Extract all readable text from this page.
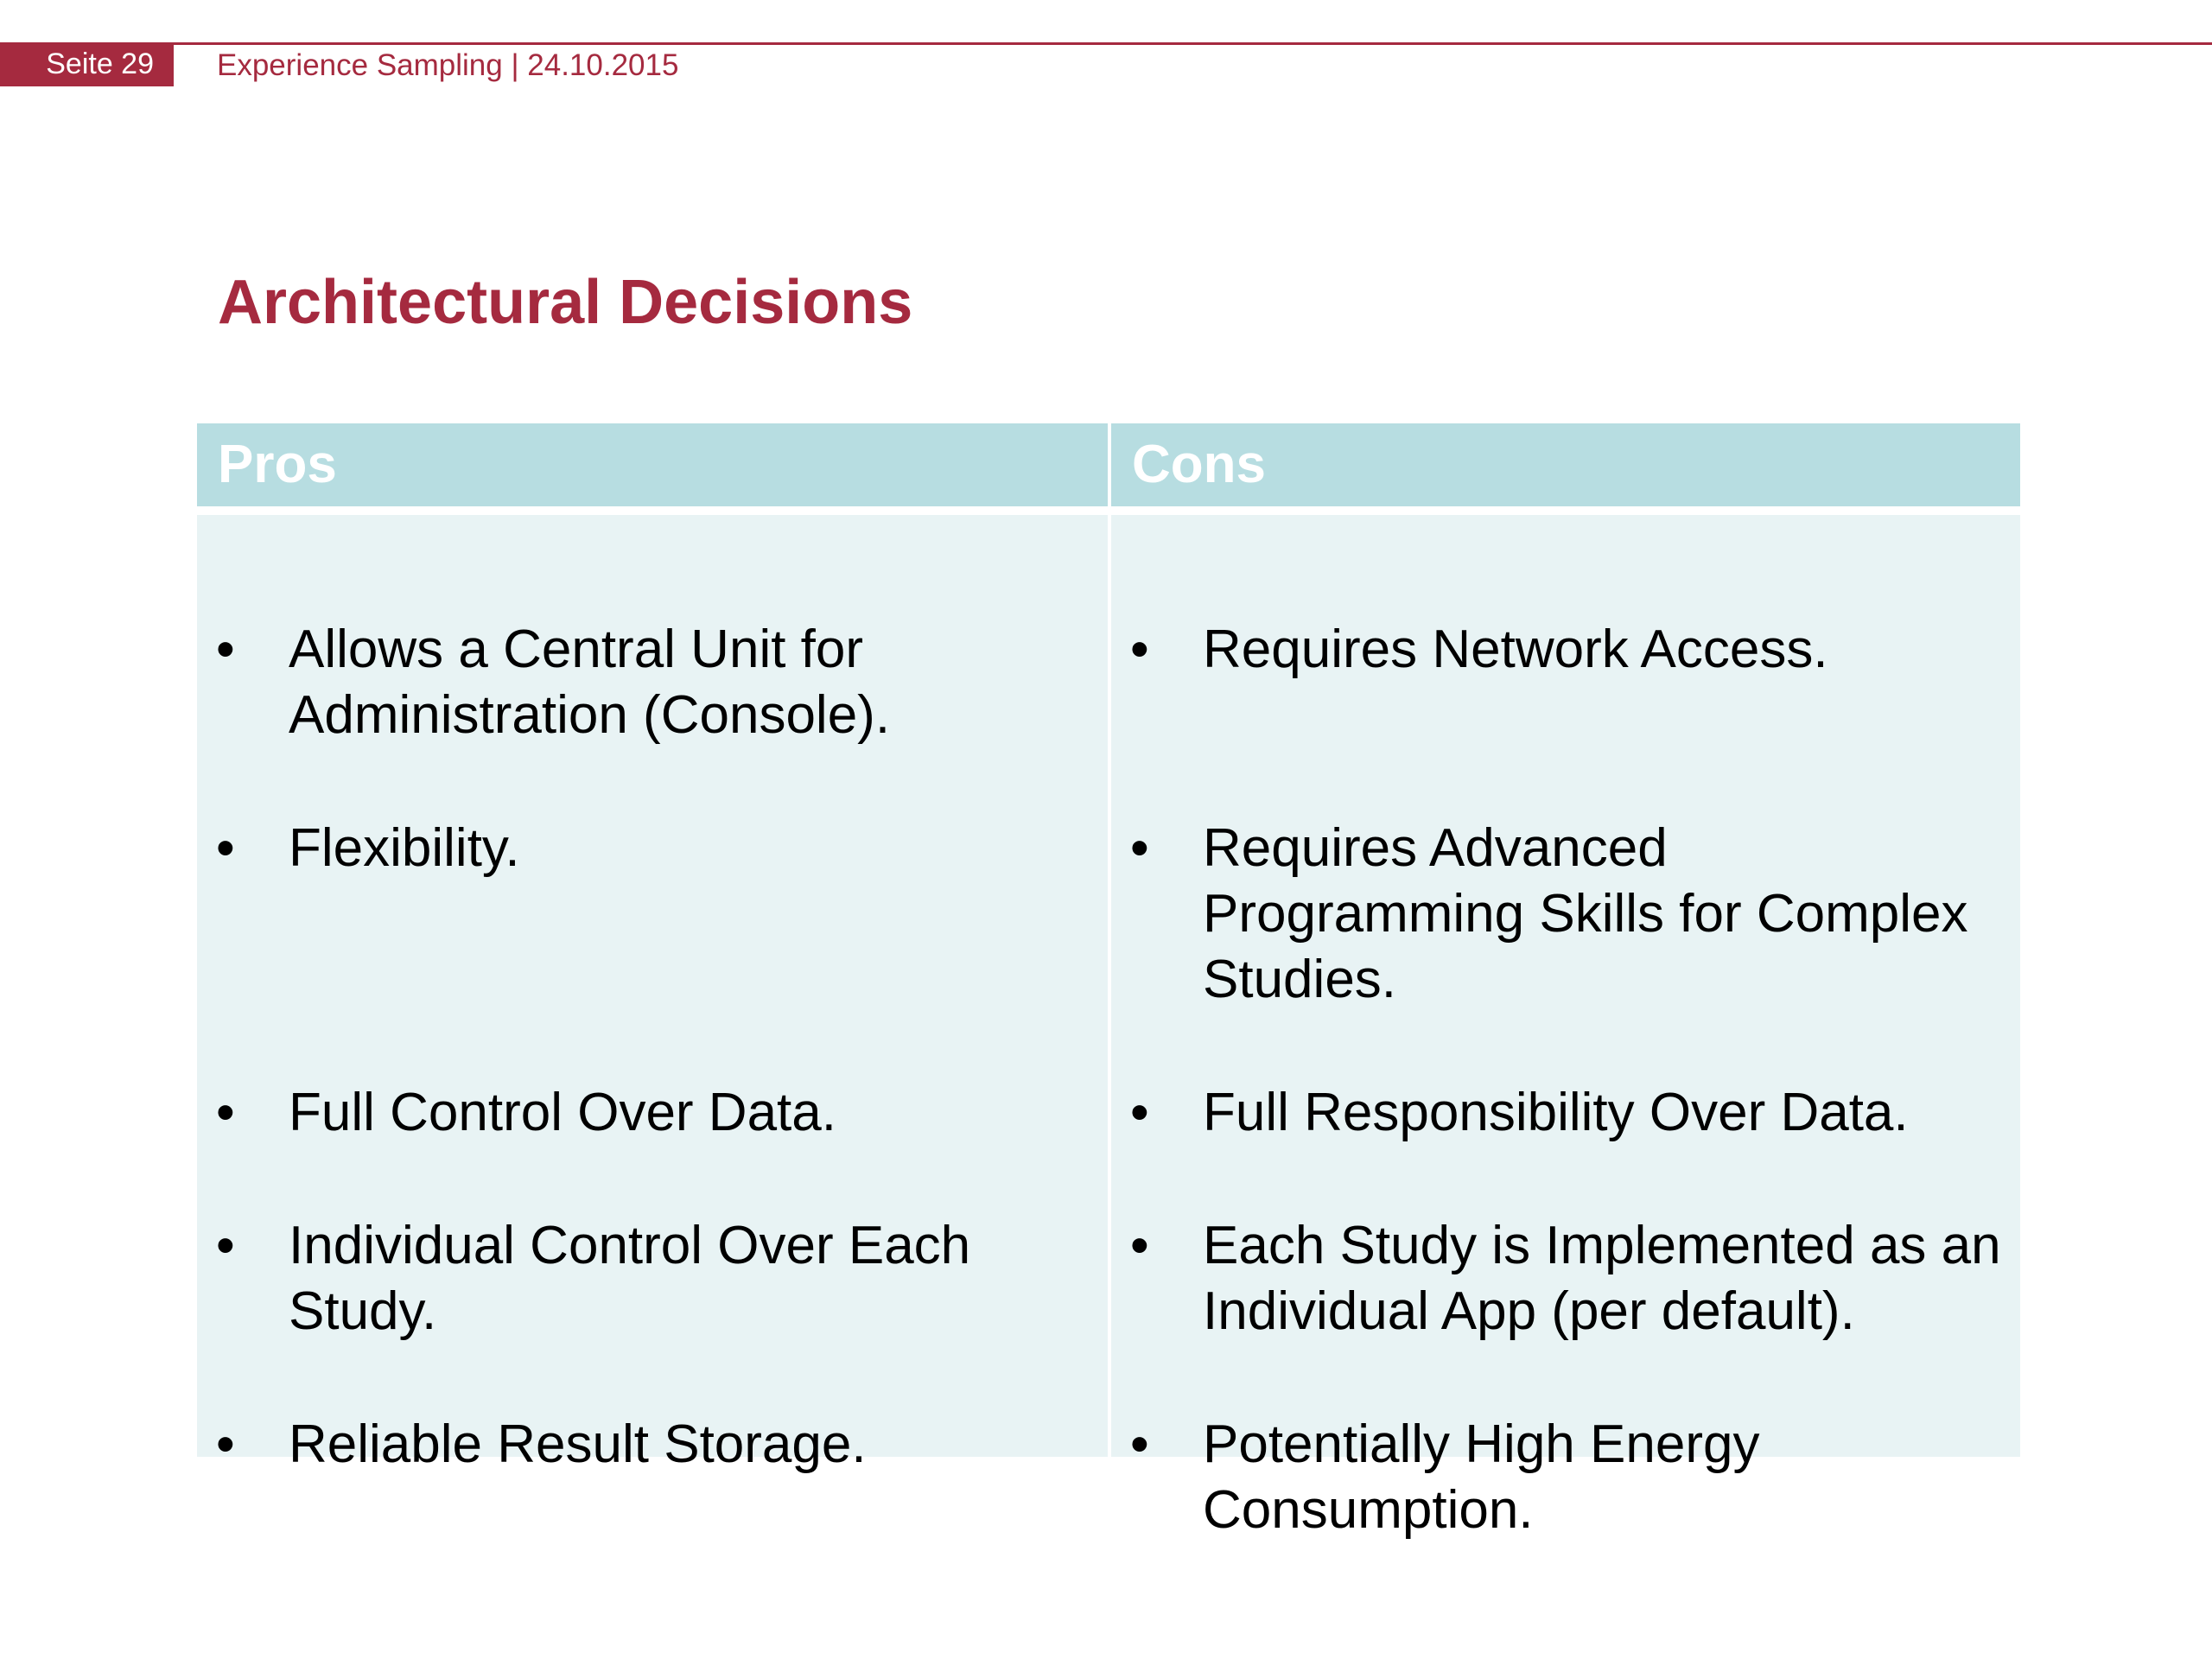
Seite 29	Experience Sampling | 24.10.2015
Architectural Decisions
Pros	Cons
• Allows a Central Unit for Administration (Console).
• Flexibility.
• Full Control Over Data.
• Individual Control Over Each Study.
• Reliable Result Storage.
• Requires Network Access.
• Requires Advanced Programming Skills for Complex Studies.
• Full Responsibility Over Data.
• Each Study is Implemented as an Individual App (per default).
• Potentially High Energy Consumption.
